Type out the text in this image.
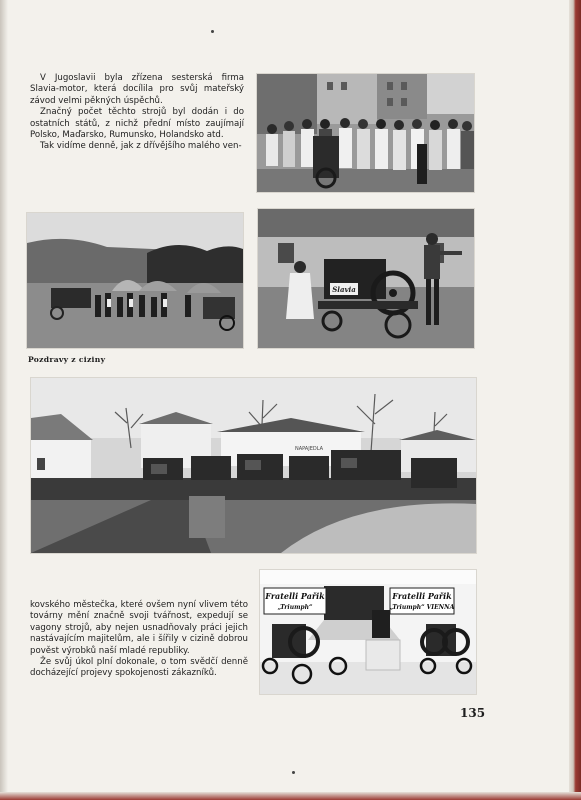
V Jugoslavii byla zřízena sesterská firma Slavia-motor, která docílila pro svůj mateřský závod velmi pěkných úspěchů.

Značný počet těchto strojů byl dodán i do ostatních států, z nichž přední místo zaujímají Polsko, Maďarsko, Rumunsko, Holandsko atd.

Tak vidíme denně, jak z dřívějšího malého ven-

Pozdravy z ciziny
Slavia
NAPAJEDLA
Fratelli Pařik
„Triumph“
Fratelli Pařik
„Triumph“ VIENNA

kovského městečka, které ovšem nyní vlivem této továrny mění značně svoji tvářnost, expedují se vagony strojů, aby nejen usnadňovaly práci jejich nastávajícím majitelům, ale i šířily v cizině dobrou pověst výrobků naší mladé republiky.

Že svůj úkol plní dokonale, o tom svědčí denně docházející projevy spokojenosti zákazníků.

135
